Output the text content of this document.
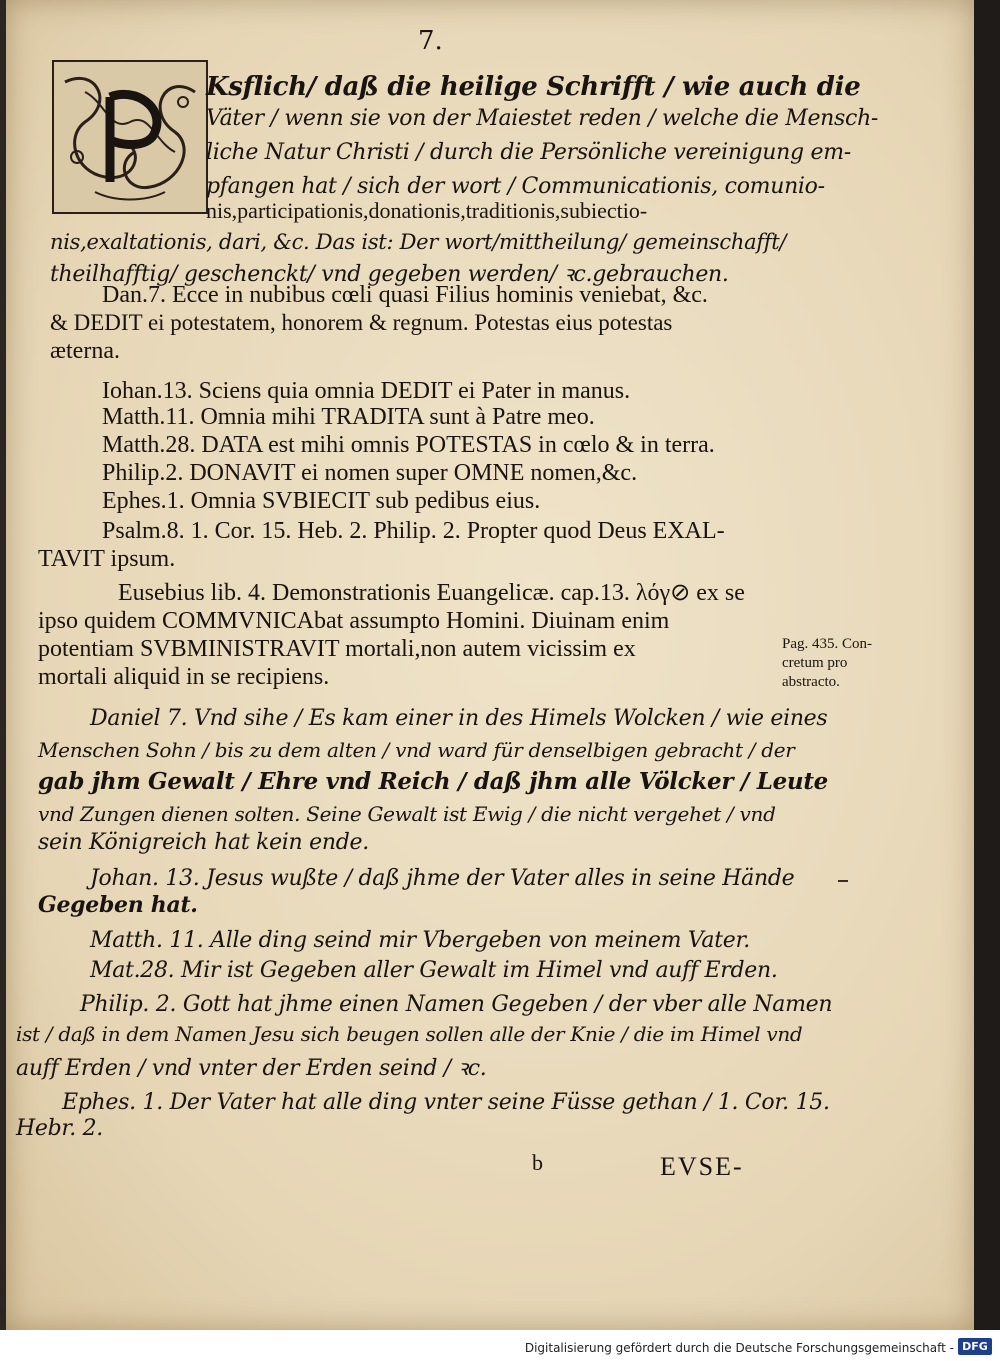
7.
Ksflich/ daß die heilige Schrifft / wie auch die
Väter / wenn sie von der Maiestet reden / welche die Mensch-
liche Natur Christi / durch die Persönliche vereinigung em-
pfangen hat / sich der wort / Communicationis, comunio-
nis,participationis,donationis,traditionis,subiectio-
nis,exaltationis, dari, &c. Das ist: Der wort/mittheilung/ gemeinschafft/
theilhafftig/ geschenckt/ vnd gegeben werden/ ꝛc.gebrauchen.
Dan.7. Ecce in nubibus cœli quasi Filius hominis veniebat, &c.
& DEDIT ei potestatem, honorem & regnum. Potestas eius potestas
æterna.
Iohan.13. Sciens quia omnia DEDIT ei Pater in manus.
Matth.11. Omnia mihi TRADITA sunt à Patre meo.
Matth.28. DATA est mihi omnis POTESTAS in cœlo & in terra.
Philip.2. DONAVIT ei nomen super OMNE nomen,&c.
Ephes.1. Omnia SVBIECIT sub pedibus eius.
Psalm.8. 1. Cor. 15. Heb. 2. Philip. 2. Propter quod Deus EXAL-
TAVIT ipsum.
Eusebius lib. 4. Demonstrationis Euangelicæ. cap.13. λόγ⊘ ex se
ipso quidem COMMVNICAbat assumpto Homini. Diuinam enim
potentiam SVBMINISTRAVIT mortali,non autem vicissim ex
mortali aliquid in se recipiens.
Pag. 435. Con-
cretum pro
abstracto.
Daniel 7. Vnd sihe / Es kam einer in des Himels Wolcken / wie eines
Menschen Sohn / bis zu dem alten / vnd ward für denselbigen gebracht / der
gab jhm Gewalt / Ehre vnd Reich / daß jhm alle Völcker / Leute
vnd Zungen dienen solten. Seine Gewalt ist Ewig / die nicht vergehet / vnd
sein Königreich hat kein ende.
Johan. 13. Jesus wußte / daß jhme der Vater alles in seine Hände
Gegeben hat.
Matth. 11. Alle ding seind mir Vbergeben von meinem Vater.
Mat.28. Mir ist Gegeben aller Gewalt im Himel vnd auff Erden.
Philip. 2. Gott hat jhme einen Namen Gegeben / der vber alle Namen
ist / daß in dem Namen Jesu sich beugen sollen alle der Knie / die im Himel vnd
auff Erden / vnd vnter der Erden seind / ꝛc.
Ephes. 1. Der Vater hat alle ding vnter seine Füsse gethan / 1. Cor. 15.
Hebr. 2.
b	EVSE-
Digitalisierung gefördert durch die Deutsche Forschungsgemeinschaft - DFG
